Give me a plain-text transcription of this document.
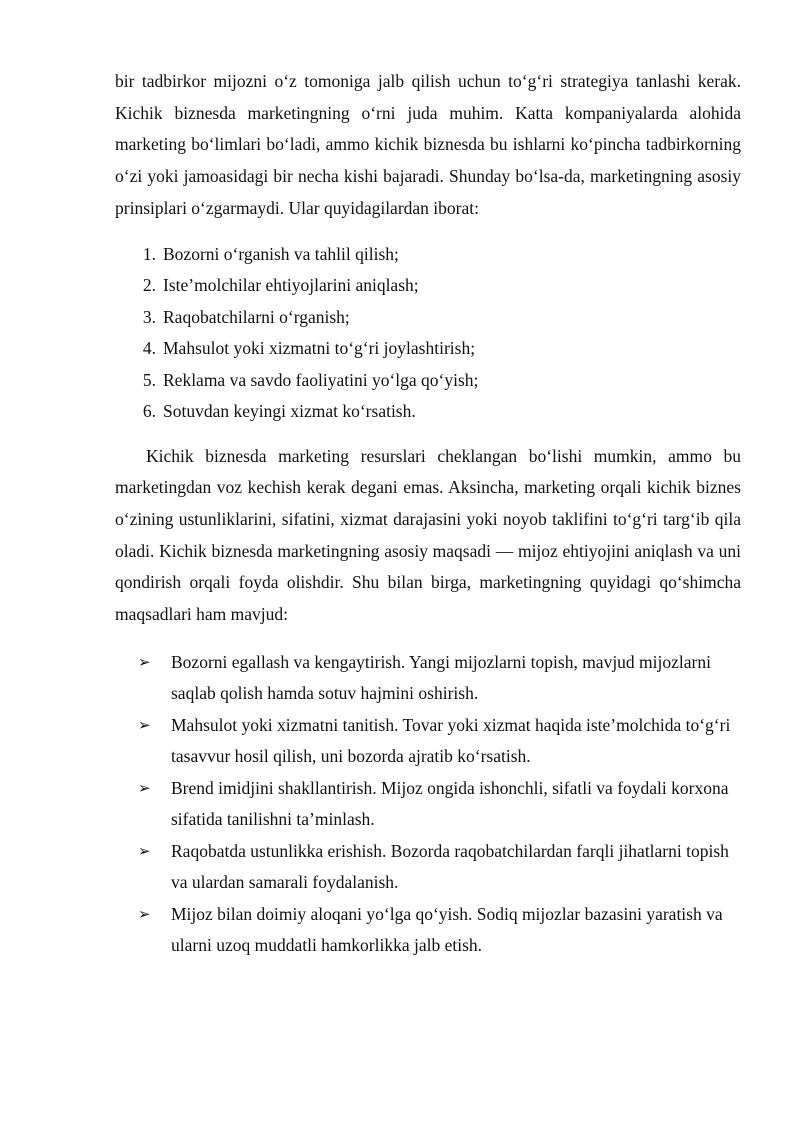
bir tadbirkor mijozni o‘z tomoniga jalb qilish uchun to‘g‘ri strategiya tanlashi kerak. Kichik biznesda marketingning o‘rni juda muhim. Katta kompaniyalarda alohida marketing bo‘limlari bo‘ladi, ammo kichik biznesda bu ishlarni ko‘pincha tadbirkorning o‘zi yoki jamoasidagi bir necha kishi bajaradi. Shunday bo‘lsa-da, marketingning asosiy prinsiplari o‘zgarmaydi. Ular quyidagilardan iborat:

1. Bozorni o‘rganish va tahlil qilish;
2. Iste’molchilar ehtiyojlarini aniqlash;
3. Raqobatchilarni o‘rganish;
4. Mahsulot yoki xizmatni to‘g‘ri joylashtirish;
5. Reklama va savdo faoliyatini yo‘lga qo‘yish;
6. Sotuvdan keyingi xizmat ko‘rsatish.

Kichik biznesda marketing resurslari cheklangan bo‘lishi mumkin, ammo bu marketingdan voz kechish kerak degani emas. Aksincha, marketing orqali kichik biznes o‘zining ustunliklarini, sifatini, xizmat darajasini yoki noyob taklifini to‘g‘ri targ‘ib qila oladi. Kichik biznesda marketingning asosiy maqsadi — mijoz ehtiyojini aniqlash va uni qondirish orqali foyda olishdir. Shu bilan birga, marketingning quyidagi qo‘shimcha maqsadlari ham mavjud:

➢	Bozorni egallash va kengaytirish. Yangi mijozlarni topish, mavjud mijozlarni saqlab qolish hamda sotuv hajmini oshirish.
➢	Mahsulot yoki xizmatni tanitish. Tovar yoki xizmat haqida iste’molchida to‘g‘ri tasavvur hosil qilish, uni bozorda ajratib ko‘rsatish.
➢	Brend imidjini shakllantirish. Mijoz ongida ishonchli, sifatli va foydali korxona sifatida tanilishni ta’minlash.
➢	Raqobatda ustunlikka erishish. Bozorda raqobatchilardan farqli jihatlarni topish va ulardan samarali foydalanish.
➢	Mijoz bilan doimiy aloqani yo‘lga qo‘yish. Sodiq mijozlar bazasini yaratish va ularni uzoq muddatli hamkorlikka jalb etish.
